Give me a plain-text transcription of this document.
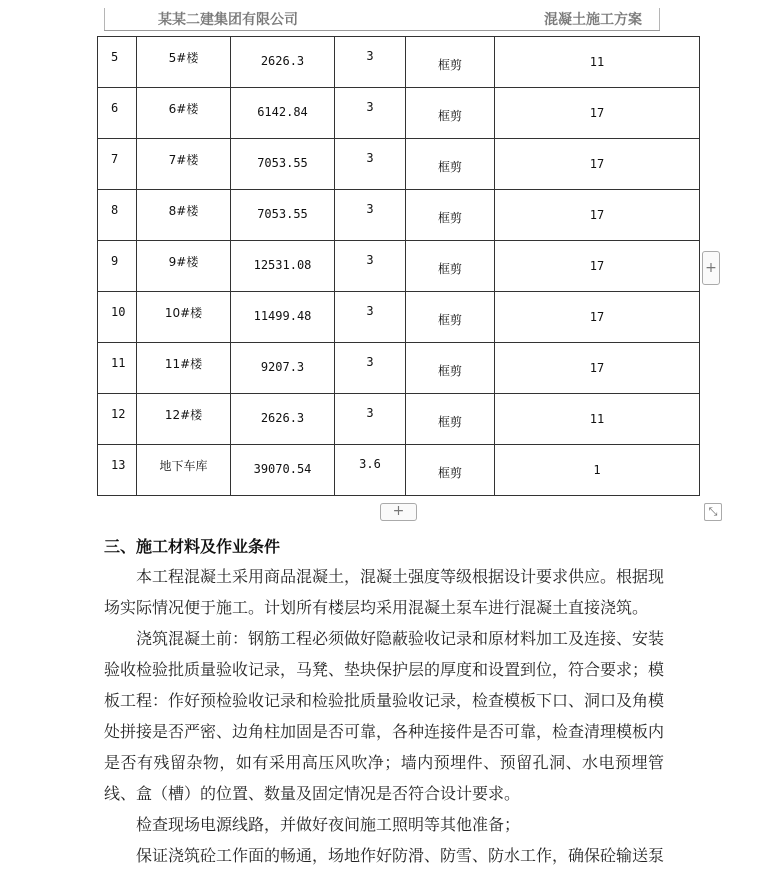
某某二建集团有限公司	混凝土施工方案
5	5#楼	2626.3	3	框剪	11

6	6#楼	6142.84	3	框剪	17

7	7#楼	7053.55	3	框剪	17

8	8#楼	7053.55	3	框剪	17

9	9#楼	12531.08	3	框剪	17

10	10#楼	11499.48	3	框剪	17

11	11#楼	9207.3	3	框剪	17

12	12#楼	2626.3	3	框剪	11

13	地下车库	39070.54	3.6	框剪	1
+
+	⤡
三、施工材料及作业条件
本工程混凝土采用商品混凝土，混凝土强度等级根据设计要求供应。根据现场实际情况便于施工。计划所有楼层均采用混凝土泵车进行混凝土直接浇筑。
浇筑混凝土前：钢筋工程必须做好隐蔽验收记录和原材料加工及连接、安装验收检验批质量验收记录，马凳、垫块保护层的厚度和设置到位，符合要求；模板工程：作好预检验收记录和检验批质量验收记录，检查模板下口、洞口及角模处拼接是否严密、边角柱加固是否可靠，各种连接件是否可靠，检查清理模板内是否有残留杂物，如有采用高压风吹净；墙内预埋件、预留孔洞、水电预埋管线、盒（槽）的位置、数量及固定情况是否符合设计要求。
检查现场电源线路，并做好夜间施工照明等其他准备；
保证浇筑砼工作面的畅通，场地作好防滑、防雪、防水工作，确保砼输送泵
